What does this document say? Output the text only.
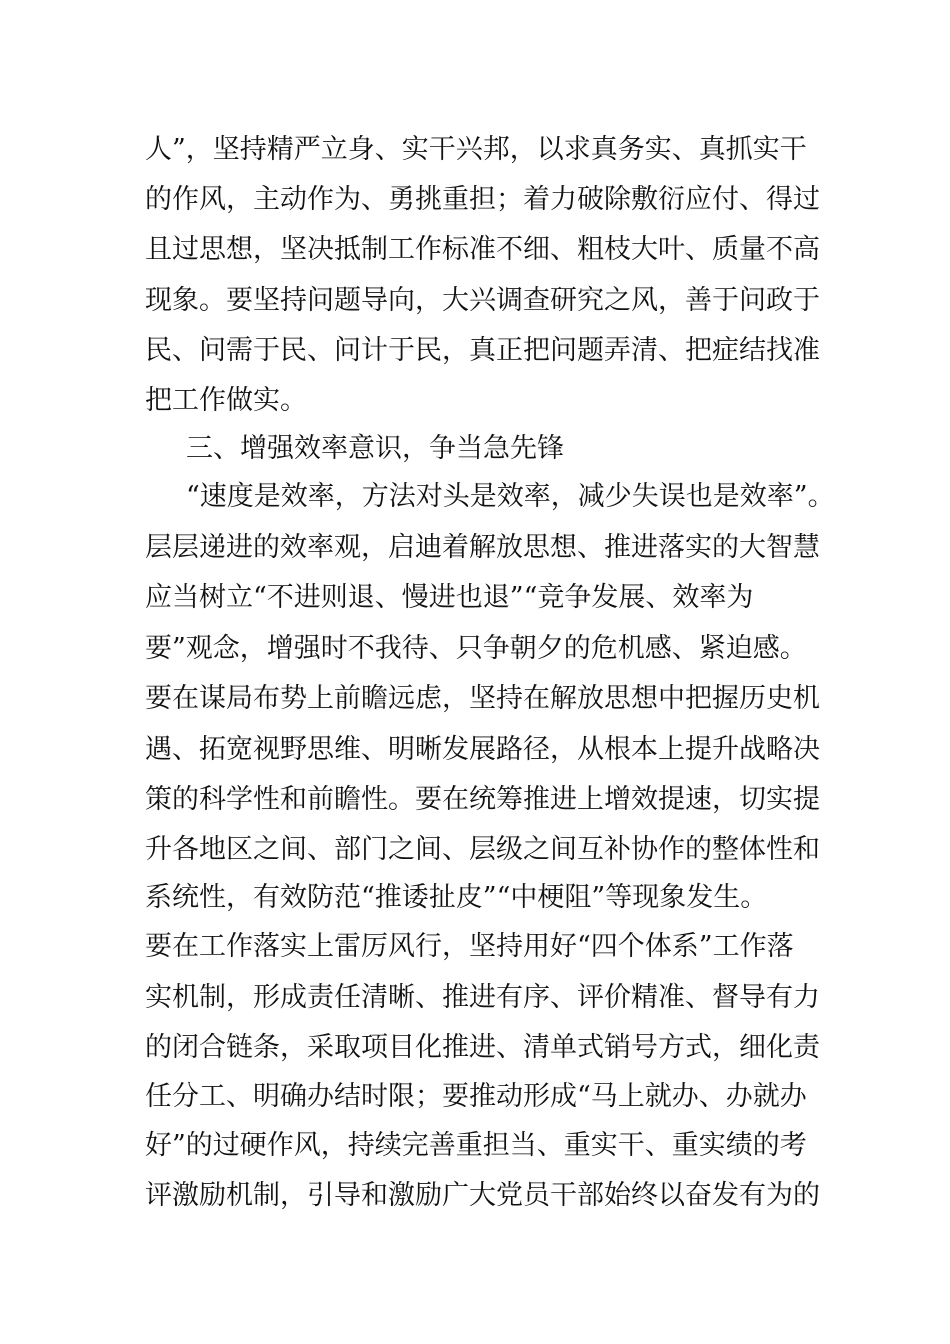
人”，坚持精严立身、实干兴邦，以求真务实、真抓实干
的作风，主动作为、勇挑重担；着力破除敷衍应付、得过
且过思想，坚决抵制工作标准不细、粗枝大叶、质量不高
现象。要坚持问题导向，大兴调查研究之风，善于问政于
民、问需于民、问计于民，真正把问题弄清、把症结找准
把工作做实。
三、增强效率意识，争当急先锋
“速度是效率，方法对头是效率，减少失误也是效率”。
层层递进的效率观，启迪着解放思想、推进落实的大智慧
应当树立“不进则退、慢进也退”“竞争发展、效率为
要”观念，增强时不我待、只争朝夕的危机感、紧迫感。
要在谋局布势上前瞻远虑，坚持在解放思想中把握历史机
遇、拓宽视野思维、明晰发展路径，从根本上提升战略决
策的科学性和前瞻性。要在统筹推进上增效提速，切实提
升各地区之间、部门之间、层级之间互补协作的整体性和
系统性，有效防范“推诿扯皮”“中梗阻”等现象发生。
要在工作落实上雷厉风行，坚持用好“四个体系”工作落
实机制，形成责任清晰、推进有序、评价精准、督导有力
的闭合链条，采取项目化推进、清单式销号方式，细化责
任分工、明确办结时限；要推动形成“马上就办、办就办
好”的过硬作风，持续完善重担当、重实干、重实绩的考
评激励机制，引导和激励广大党员干部始终以奋发有为的
